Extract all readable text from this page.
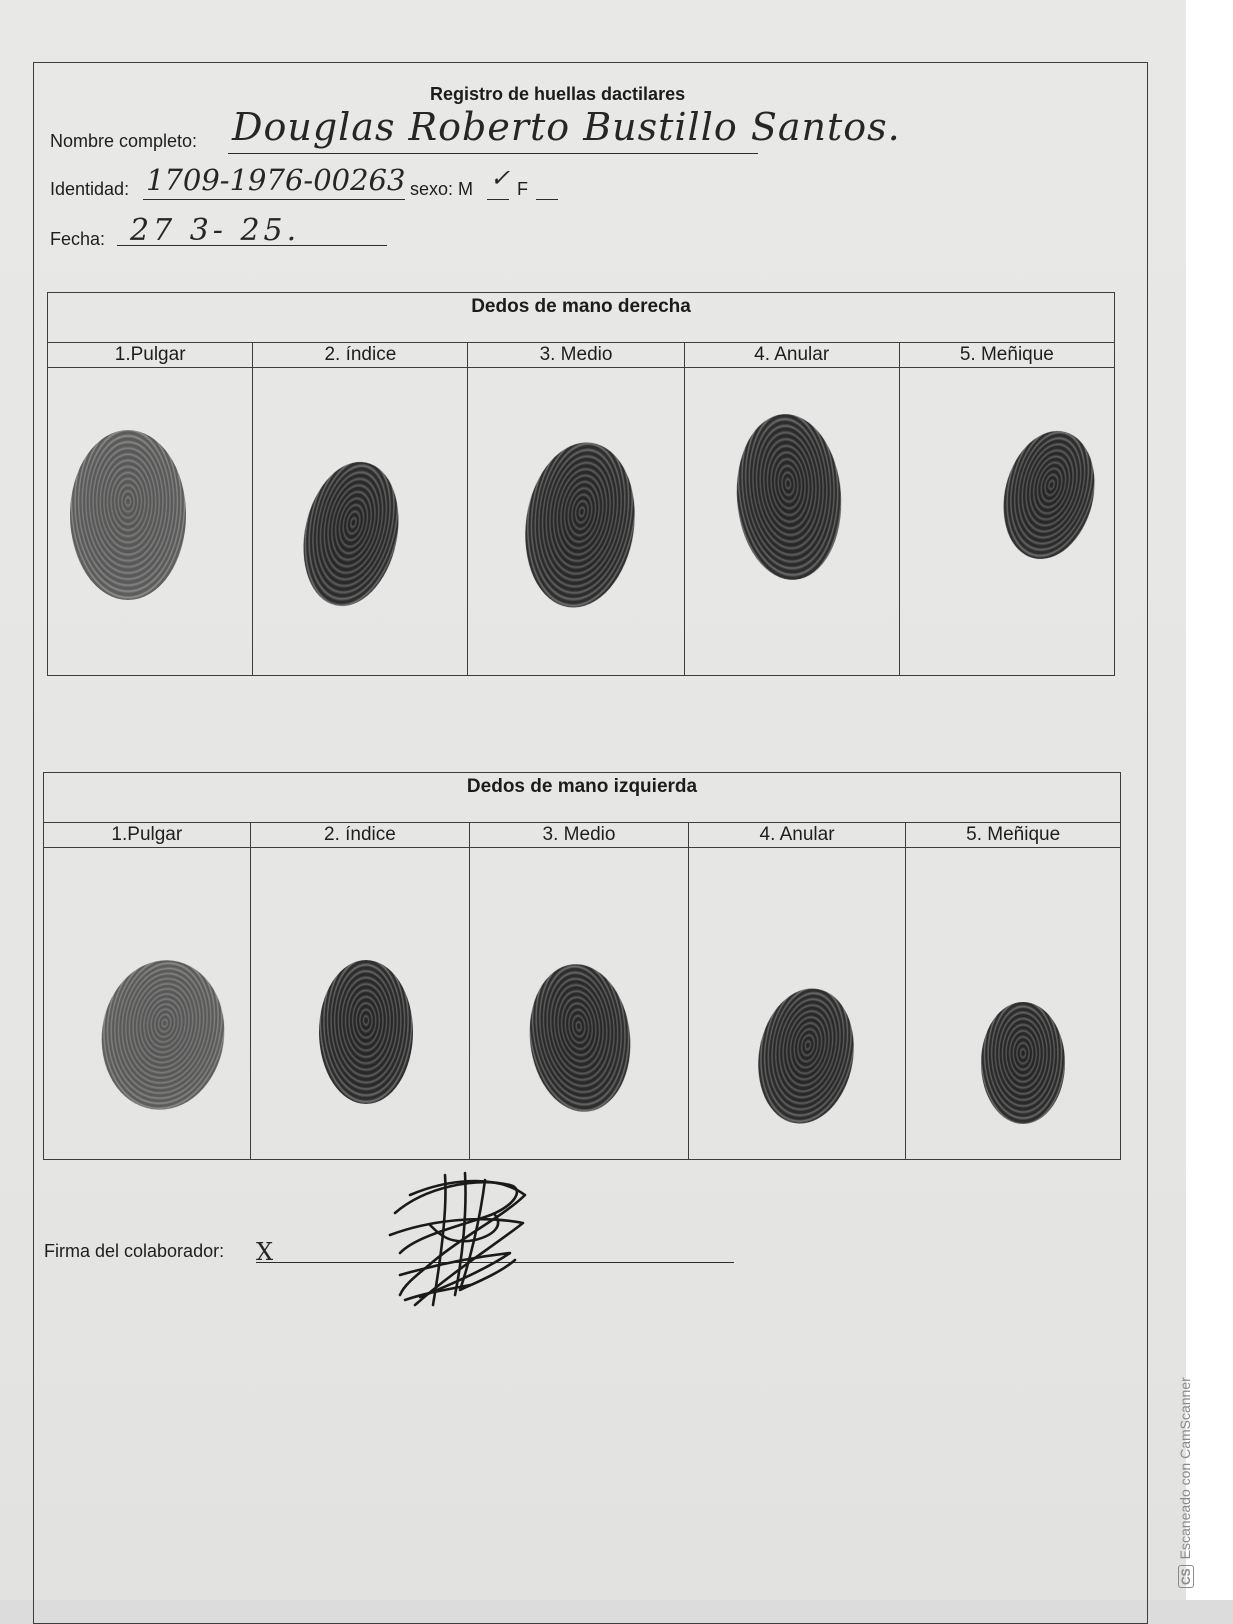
Registro de huellas dactilares
Nombre completo: Douglas Roberto Bustillo Santos.
Identidad: 1709-1976-00263 sexo: M ✓ F
Fecha: 27 3- 25.
Dedos de mano derecha				
1.Pulgar	2. índice	3. Medio	4. Anular	5. Meñique

Dedos de mano izquierda				
1.Pulgar	2. índice	3. Medio	4. Anular	5. Meñique

Firma del colaborador: X
CSEscaneado con CamScanner
